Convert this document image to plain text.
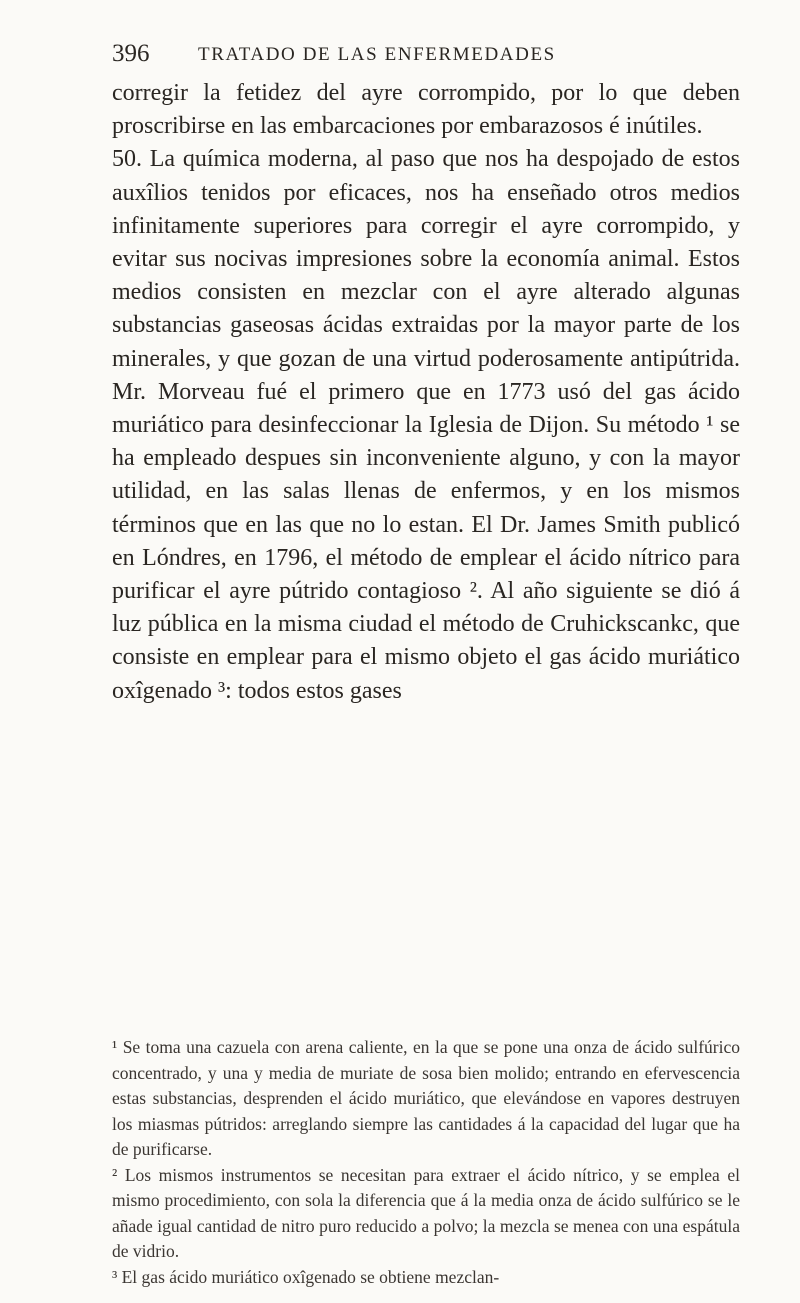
396	TRATADO DE LAS ENFERMEDADES

corregir la fetidez del ayre corrompido, por lo que deben proscribirse en las embarcaciones por embarazosos é inútiles.
50. La química moderna, al paso que nos ha despojado de estos auxîlios tenidos por eficaces, nos ha enseñado otros medios infinitamente superiores para corregir el ayre corrompido, y evitar sus nocivas impresiones sobre la economía animal. Estos medios consisten en mezclar con el ayre alterado algunas substancias gaseosas ácidas extraidas por la mayor parte de los minerales, y que gozan de una virtud poderosamente antipútrida. Mr. Morveau fué el primero que en 1773 usó del gas ácido muriático para desinfeccionar la Iglesia de Dijon. Su método ¹ se ha empleado despues sin inconveniente alguno, y con la mayor utilidad, en las salas llenas de enfermos, y en los mismos términos que en las que no lo estan. El Dr. James Smith publicó en Lóndres, en 1796, el método de emplear el ácido nítrico para purificar el ayre pútrido contagioso ². Al año siguiente se dió á luz pública en la misma ciudad el método de Cruhickscankc, que consiste en emplear para el mismo objeto el gas ácido muriático oxîgenado ³: todos estos gases

¹ Se toma una cazuela con arena caliente, en la que se pone una onza de ácido sulfúrico concentrado, y una y media de muriate de sosa bien molido; entrando en efervescencia estas substancias, desprenden el ácido muriático, que elevándose en vapores destruyen los miasmas pútridos: arreglando siempre las cantidades á la capacidad del lugar que ha de purificarse.
² Los mismos instrumentos se necesitan para extraer el ácido nítrico, y se emplea el mismo procedimiento, con sola la diferencia que á la media onza de ácido sulfúrico se le añade igual cantidad de nitro puro reducido a polvo; la mezcla se menea con una espátula de vidrio.
³ El gas ácido muriático oxîgenado se obtiene mezclan-
